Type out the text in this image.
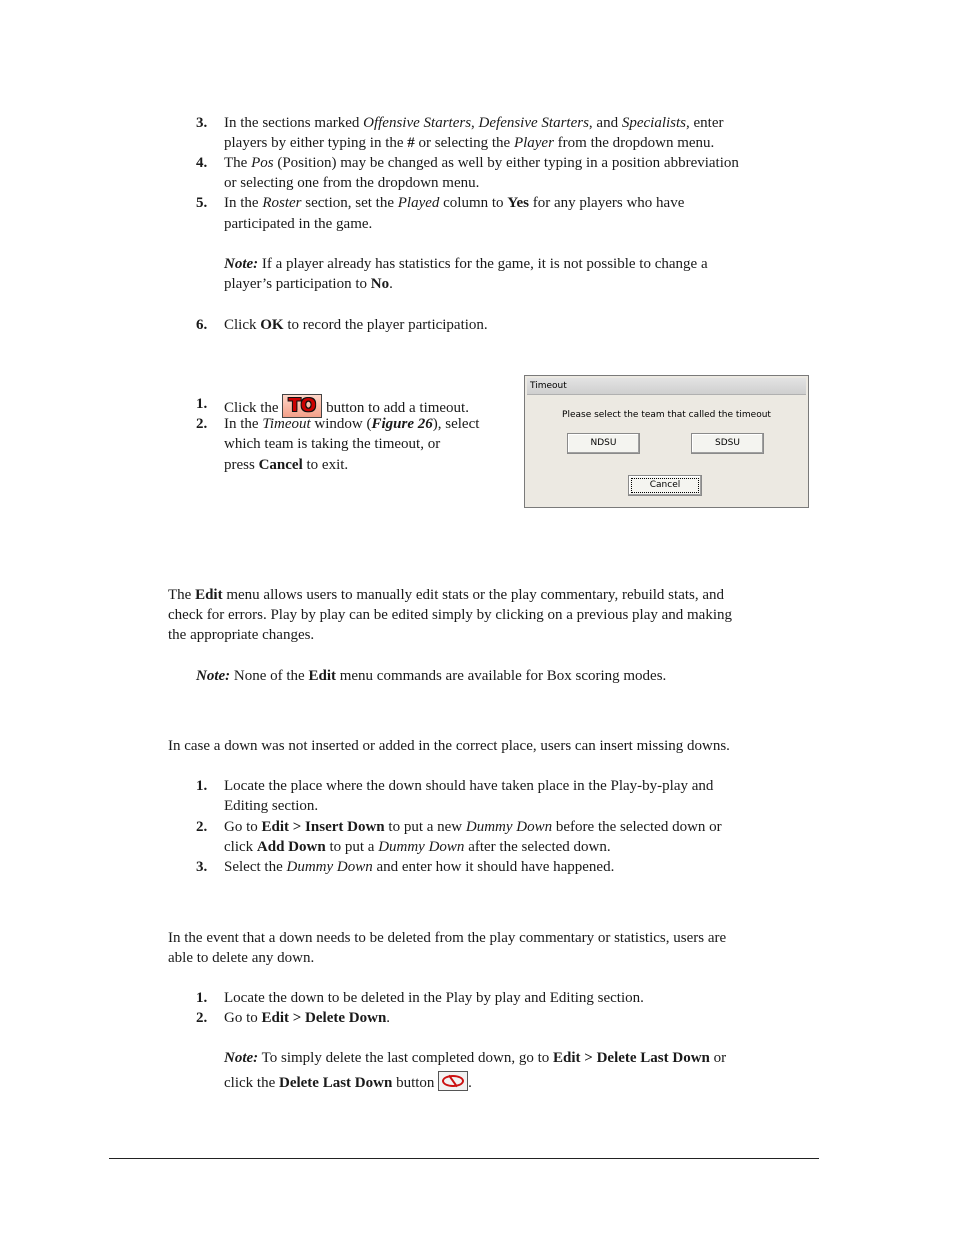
3.	In the sections marked Offensive Starters, Defensive Starters, and Specialists, enter
players by either typing in the # or selecting the Player from the dropdown menu.
4.	The Pos (Position) may be changed as well by either typing in a position abbreviation
or selecting one from the dropdown menu.
5.	In the Roster section, set the Played column to Yes for any players who have
participated in the game.
Note: If a player already has statistics for the game, it is not possible to change a
player’s participation to No.
6.	Click OK to record the player participation.
1.	Click the TO button to add a timeout.
2.	In the Timeout window (Figure 26), select
which team is taking the timeout, or
press Cancel to exit.
Timeout
Please select the team that called the timeout
NDSU	SDSU
Cancel
The Edit menu allows users to manually edit stats or the play commentary, rebuild stats, and
check for errors. Play by play can be edited simply by clicking on a previous play and making
the appropriate changes.
Note: None of the Edit menu commands are available for Box scoring modes.
In case a down was not inserted or added in the correct place, users can insert missing downs.
1.	Locate the place where the down should have taken place in the Play-by-play and
Editing section.
2.	Go to Edit > Insert Down to put a new Dummy Down before the selected down or
click Add Down to put a Dummy Down after the selected down.
3.	Select the Dummy Down and enter how it should have happened.
In the event that a down needs to be deleted from the play commentary or statistics, users are
able to delete any down.
1.	Locate the down to be deleted in the Play by play and Editing section.
2.	Go to Edit > Delete Down.
Note: To simply delete the last completed down, go to Edit > Delete Last Down or
click the Delete Last Down button
.
